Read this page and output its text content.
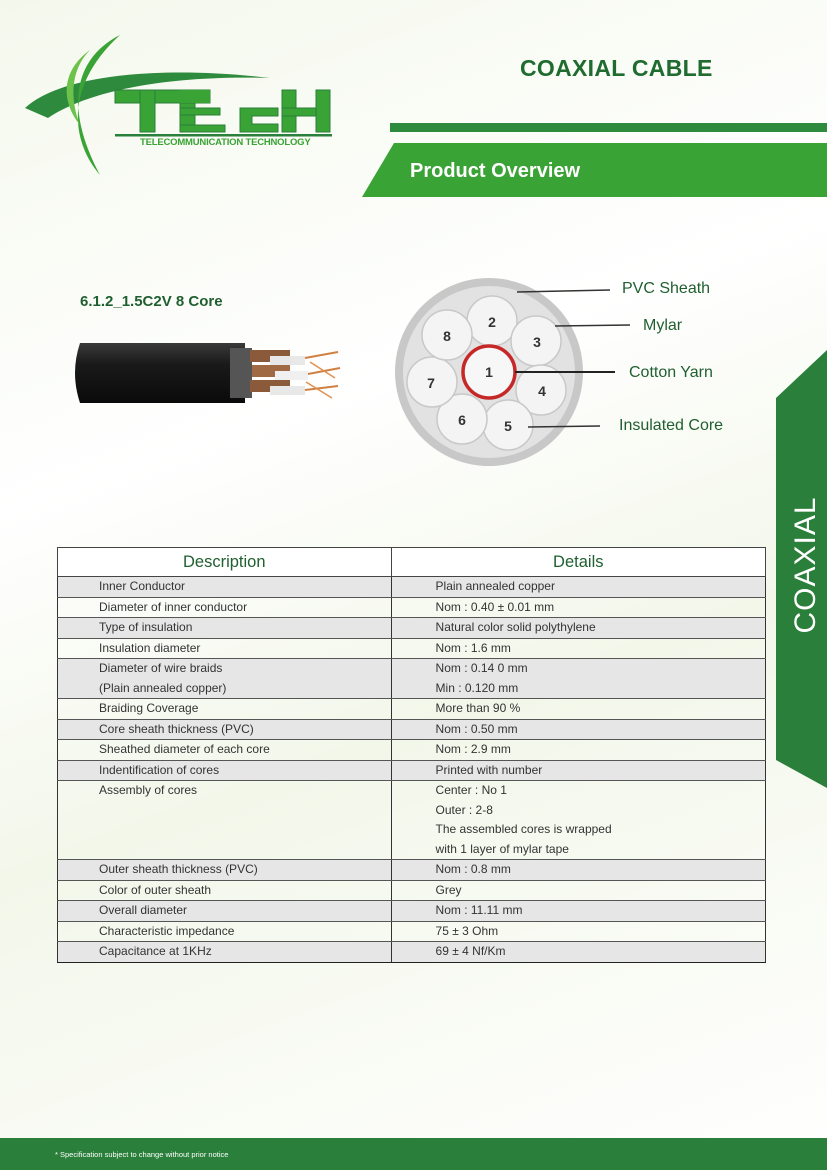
TELECOMMUNICATION TECHNOLOGY
COAXIAL CABLE
Product Overview
6.1.2_1.5C2V 8 Core
1
2
3
4
5
6
7
8
PVC Sheath
Mylar
Cotton Yarn
Insulated Core
COAXIAL
Description	Details

Inner Conductor	Plain annealed copper

Diameter of inner conductor	Nom : 0.40 ± 0.01 mm

Type of insulation	Natural color solid polythylene

Insulation diameter	Nom : 1.6 mm

Diameter of wire braids
(Plain annealed copper)	Nom : 0.14 0 mm
Min : 0.120 mm

Braiding Coverage	More than 90 %

Core sheath thickness (PVC)	Nom : 0.50 mm

Sheathed diameter of each core	Nom : 2.9 mm

Indentification of cores	Printed with number

Assembly of cores	Center : No 1
Outer : 2-8
The assembled cores is wrapped
with 1 layer of mylar tape

Outer sheath thickness (PVC)	Nom : 0.8 mm

Color of outer sheath	Grey

Overall diameter	Nom : 11.11 mm

Characteristic impedance	75 ± 3 Ohm

Capacitance at 1KHz	69 ± 4 Nf/Km
* Specification subject to change without prior notice
